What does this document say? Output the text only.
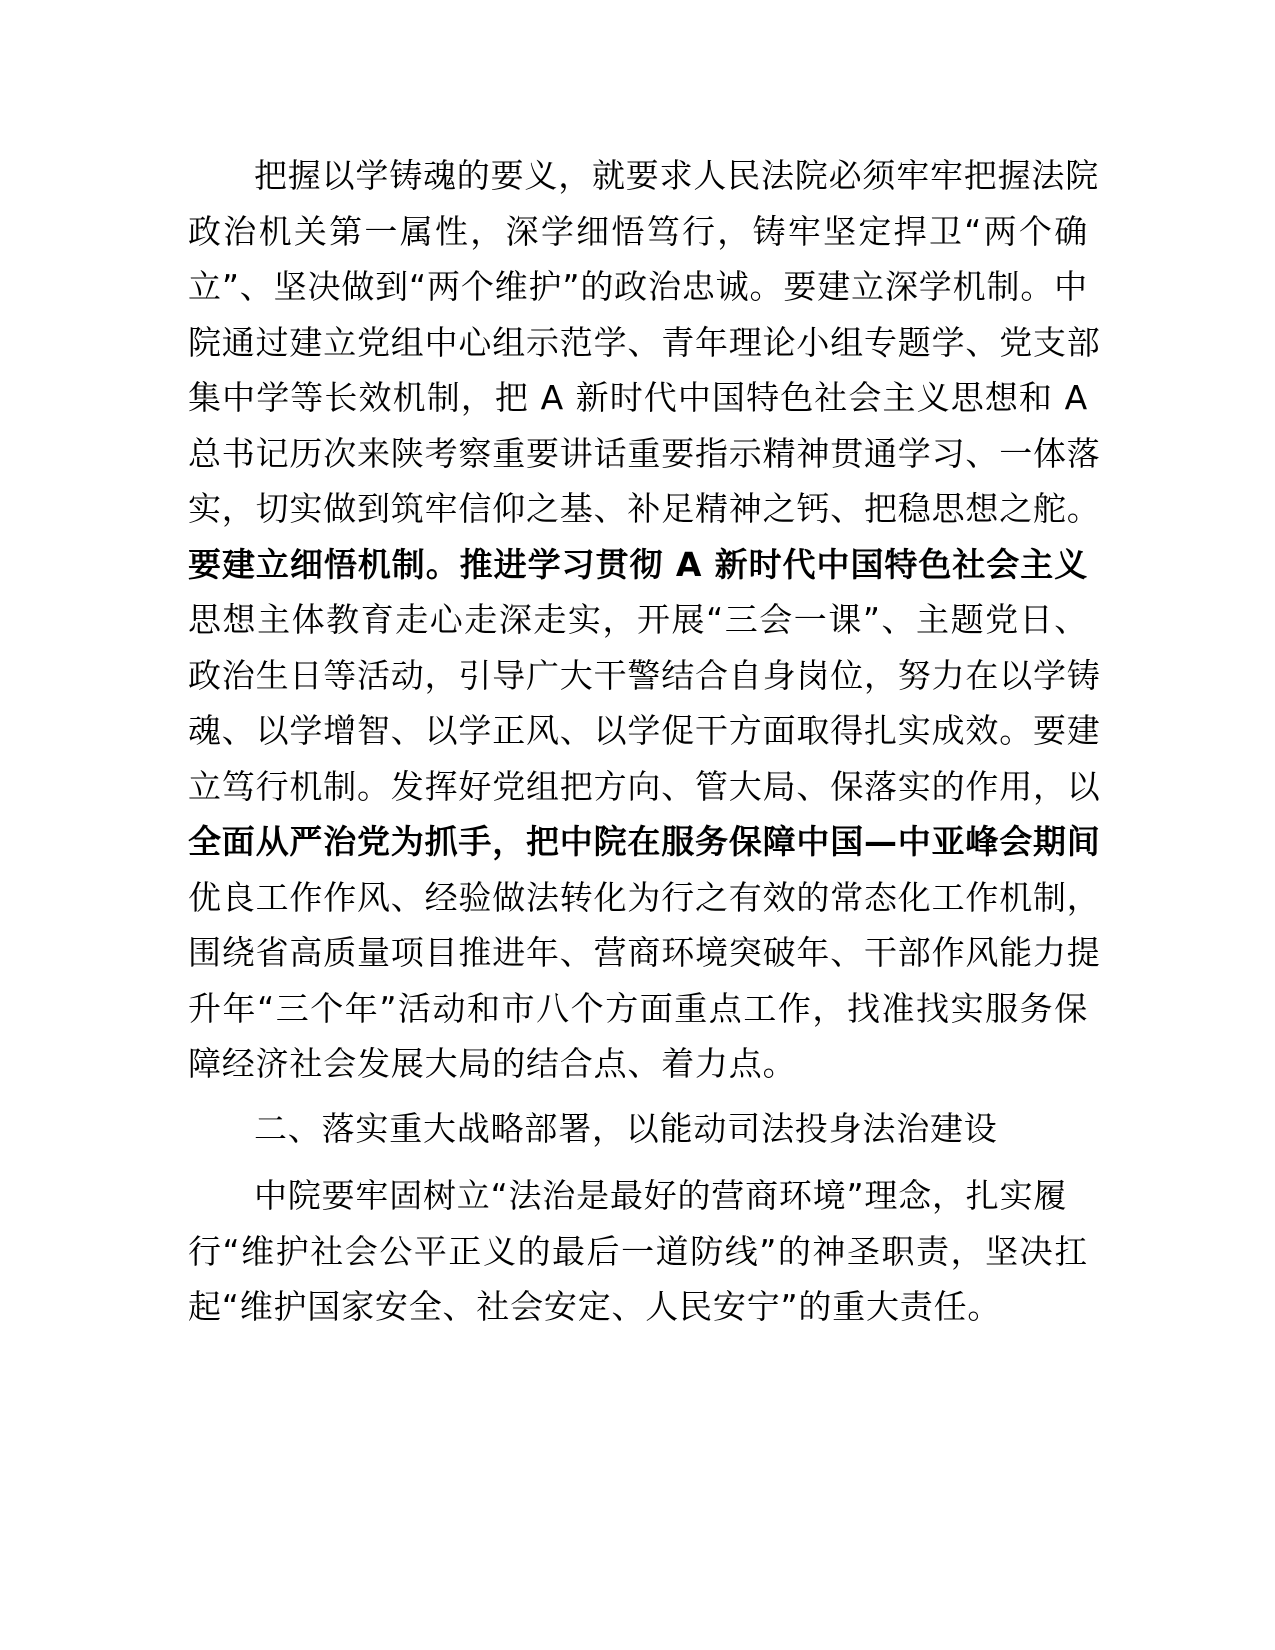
把握以学铸魂的要义，就要求人民法院必须牢牢把握法院
政治机关第一属性，深学细悟笃行，铸牢坚定捍卫“两个确
立”、坚决做到“两个维护”的政治忠诚。要建立深学机制。中
院通过建立党组中心组示范学、青年理论小组专题学、党支部
集中学等长效机制，把 A 新时代中国特色社会主义思想和 A
总书记历次来陕考察重要讲话重要指示精神贯通学习、一体落
实，切实做到筑牢信仰之基、补足精神之钙、把稳思想之舵。
要建立细悟机制。推进学习贯彻 A 新时代中国特色社会主义
思想主体教育走心走深走实，开展“三会一课”、主题党日、
政治生日等活动，引导广大干警结合自身岗位，努力在以学铸
魂、以学增智、以学正风、以学促干方面取得扎实成效。要建
立笃行机制。发挥好党组把方向、管大局、保落实的作用，以
全面从严治党为抓手，把中院在服务保障中国—中亚峰会期间
优良工作作风、经验做法转化为行之有效的常态化工作机制，
围绕省高质量项目推进年、营商环境突破年、干部作风能力提
升年“三个年”活动和市八个方面重点工作，找准找实服务保
障经济社会发展大局的结合点、着力点。
二、落实重大战略部署，以能动司法投身法治建设
中院要牢固树立“法治是最好的营商环境”理念，扎实履
行“维护社会公平正义的最后一道防线”的神圣职责，坚决扛
起“维护国家安全、社会安定、人民安宁”的重大责任。
